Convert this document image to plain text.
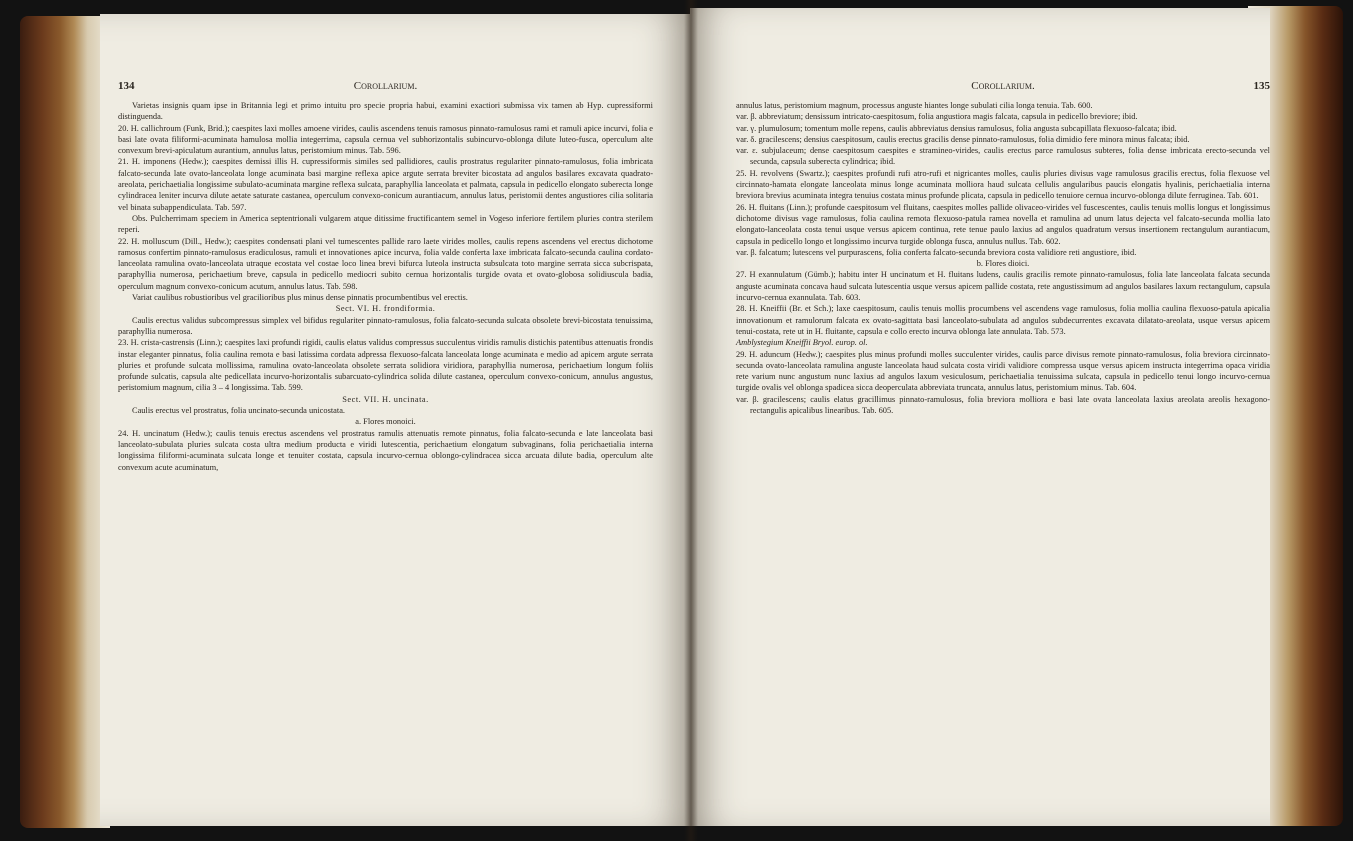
134	Corollarium.	Corollarium.	135

Varietas insignis quam ipse in Britannia legi et primo intuitu pro specie propria habui, examini exactiori submissa vix tamen ab Hyp. cupressiformi distinguenda.

20. H. callichroum (Funk, Brid.); caespites laxi molles amoene virides, caulis ascendens tenuis ramosus pinnato-ramulosus rami et ramuli apice incurvi, folia e basi late ovata filiformi-acuminata hamulosa mollia integerrima, capsula cernua vel subhorizontalis subincurvo-oblonga dilute luteo-fusca, operculum alte convexum brevi-apiculatum aurantium, annulus latus, peristomium minus. Tab. 596.

21. H. imponens (Hedw.); caespites demissi illis H. cupressiformis similes sed pallidiores, caulis prostratus regulariter pinnato-ramulosus, folia imbricata falcato-secunda late ovato-lanceolata longe acuminata basi margine reflexa apice argute serrata breviter bicostata ad angulos basilares excavata quadrato-areolata, perichaetialia longissime subulato-acuminata margine reflexa sulcata, paraphyllia lanceolata et palmata, capsula in pedicello elongato suberecta longe cylindracea leniter incurva dilute aetate saturate castanea, operculum convexo-conicum aurantiacum, annulus latus, peristomii dentes angustiores cilia solitaria vel binata subappendiculata. Tab. 597.

Obs. Pulcherrimam speciem in America septentrionali vulgarem atque ditissime fructificantem semel in Vogeso inferiore fertilem pluries contra sterilem reperi.

22. H. molluscum (Dill., Hedw.); caespites condensati plani vel tumescentes pallide raro laete virides molles, caulis repens ascendens vel erectus dichotome ramosus confertim pinnato-ramulosus eradiculosus, ramuli et innovationes apice incurva, folia valde conferta laxe imbricata falcato-secunda caulina cordato-lanceolata ramulina ovato-lanceolata utraque ecostata vel costae loco linea brevi bifurca luteola instructa subsulcata toto margine serrata sicca subcrispata, paraphyllia numerosa, perichaetium breve, capsula in pedicello mediocri subito cernua horizontalis turgide ovata et ovato-globosa solidiuscula badia, operculum magnum convexo-conicum acutum, annulus latus. Tab. 598.

Variat caulibus robustioribus vel gracilioribus plus minus dense pinnatis procumbentibus vel erectis.

Sect. VI. H. frondiformia.

Caulis erectus validus subcompressus simplex vel bifidus regulariter pinnato-ramulosus, folia falcato-secunda sulcata obsolete brevi-bicostata tenuissima, paraphyllia numerosa.

23. H. crista-castrensis (Linn.); caespites laxi profundi rigidi, caulis elatus validus compressus succulentus viridis ramulis distichis patentibus attenuatis frondis instar eleganter pinnatus, folia caulina remota e basi latissima cordata adpressa flexuoso-falcata lanceolata longe acuminata e medio ad apicem argute serrata pluries et profunde sulcata mollissima, ramulina ovato-lanceolata obsolete serrata solidiora viridiora, paraphyllia numerosa, perichaetium longum foliis profunde sulcatis, capsula alte pedicellata incurvo-horizontalis subarcuato-cylindrica solida dilute castanea, operculum convexo-conicum, annulus angustus, peristomium magnum, cilia 3 – 4 longissima. Tab. 599.

Sect. VII. H. uncinata.

Caulis erectus vel prostratus, folia uncinato-secunda unicostata.

a. Flores monoici.

24. H. uncinatum (Hedw.); caulis tenuis erectus ascendens vel prostratus ramulis attenuatis remote pinnatus, folia falcato-secunda e late lanceolata basi lanceolato-subulata pluries sulcata costa ultra medium producta e viridi lutescentia, perichaetium elongatum subvaginans, folia perichaetialia interna longissima filiformi-acuminata sulcata longe et tenuiter costata, capsula incurvo-cernua oblongo-cylindracea sicca arcuata dilute badia, operculum alte convexum acute acuminatum,

annulus latus, peristomium magnum, processus anguste hiantes longe subulati cilia longa tenuia. Tab. 600.

var. β. abbreviatum; densissum intricato-caespitosum, folia angustiora magis falcata, capsula in pedicello breviore; ibid.

var. γ. plumulosum; tomentum molle repens, caulis abbreviatus densius ramulosus, folia angusta subcapillata flexuoso-falcata; ibid.

var. δ. gracilescens; densius caespitosum, caulis erectus gracilis dense pinnato-ramulosus, folia dimidio fere minora minus falcata; ibid.

var. ε. subjulaceum; dense caespitosum caespites e stramineo-virides, caulis erectus parce ramulosus subteres, folia dense imbricata erecto-secunda vel secunda, capsula suberecta cylindrica; ibid.

25. H. revolvens (Swartz.); caespites profundi rufi atro-rufi et nigricantes molles, caulis pluries divisus vage ramulosus gracilis erectus, folia flexuose vel circinnato-hamata elongate lanceolata minus longe acuminata molliora haud sulcata cellulis angularibus paucis elongatis hyalinis, perichaetialia interna breviora brevius acuminata integra tenuius costata minus profunde plicata, capsula in pedicello tenuiore cernua incurvo-oblonga dilute ferruginea. Tab. 601.

26. H. fluitans (Linn.); profunde caespitosum vel fluitans, caespites molles pallide olivaceo-virides vel fuscescentes, caulis tenuis mollis longus et longissimus dichotome divisus vage ramulosus, folia caulina remota flexuoso-patula ramea novella et ramulina ad unum latus dejecta vel falcato-secunda mollia lato elongato-lanceolata costa tenui usque versus apicem continua, rete tenue paulo laxius ad angulos quadratum versus insertionem rectangulum aurantiacum, capsula in pedicello longo et longissimo incurva turgide oblonga fusca, annulus nullus. Tab. 602.

var. β. falcatum; lutescens vel purpurascens, folia conferta falcato-secunda breviora costa validiore reti angustiore, ibid.

b. Flores dioici.

27. H exannulatum (Gümb.); habitu inter H uncinatum et H. fluitans ludens, caulis gracilis remote pinnato-ramulosus, folia late lanceolata falcata secunda anguste acuminata concava haud sulcata lutescentia usque versus apicem pallide costata, rete angustissimum ad angulos basilares laxum rectangulum, capsula incurvo-cernua exannulata. Tab. 603.

28. H. Kneiffii (Br. et Sch.); laxe caespitosum, caulis tenuis mollis procumbens vel ascendens vage ramulosus, folia mollia caulina flexuoso-patula apicalia innovationum et ramulorum falcata ex ovato-sagittata basi lanceolato-subulata ad angulos subdecurrentes excavata dilatato-areolata, usque versus apicem tenui-costata, rete ut in H. fluitante, capsula e collo erecto incurva oblonga late annulata. Tab. 573.

Amblystegium Kneiffii Bryol. europ. ol.

29. H. aduncum (Hedw.); caespites plus minus profundi molles succulenter virides, caulis parce divisus remote pinnato-ramulosus, folia breviora circinnato-secunda ovato-lanceolata ramulina anguste lanceolata haud sulcata costa viridi validiore compressa usque versus apicem instructa integerrima opaca viridia rete varium nunc angustum nunc laxius ad angulos laxum vesiculosum, perichaetialia tenuissima sulcata, capsula in pedicello tenui longo incurvo-cernua turgide ovalis vel oblonga spadicea sicca deoperculata abbreviata truncata, annulus latus, peristomium minus. Tab. 604.

var. β. gracilescens; caulis elatus gracillimus pinnato-ramulosus, folia breviora molliora e basi late ovata lanceolata laxius areolata areolis hexagono-rectangulis apicalibus linearibus. Tab. 605.
